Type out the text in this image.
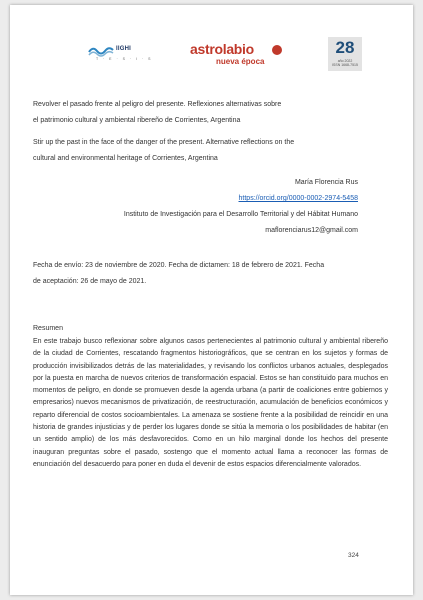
IIGHI
T · E · S · I · S
astrolabio
nueva época
28
año 2022
ISSN 1668-7515
Revolver el pasado frente al peligro del presente. Reflexiones alternativas sobre
el patrimonio cultural y ambiental ribereño de Corrientes, Argentina
Stir up the past in the face of the danger of the present. Alternative reflections on the
cultural and environmental heritage of Corrientes, Argentina
María Florencia Rus
https://orcid.org/0000-0002-2974-5458
Instituto de Investigación para el Desarrollo Territorial y del Hábitat Humano
maflorenciarus12@gmail.com
Fecha de envío: 23 de noviembre de 2020. Fecha de dictamen: 18 de febrero de 2021. Fecha
de aceptación: 26 de mayo de 2021.
Resumen
En este trabajo busco reflexionar sobre algunos casos pertenecientes al patrimonio cultural y ambiental ribereño de la ciudad de Corrientes, rescatando fragmentos historiográficos, que se centran en los sujetos y formas de producción invisibilizados detrás de las materialidades, y revisando los conflictos urbanos actuales, desplegados por la puesta en marcha de nuevos criterios de transformación espacial. Estos se han constituido para muchos en momentos de peligro, en donde se promueven desde la agenda urbana (a partir de coaliciones entre gobiernos y empresarios) nuevos mecanismos de privatización, de reestructuración, acumulación de beneficios económicos y reparto diferencial de costos socioambientales. La amenaza se sostiene frente a la posibilidad de reincidir en una historia de grandes injusticias y de perder los lugares donde se sitúa la memoria o los posibilidades de habitar (en un sentido amplio) de los más desfavorecidos. Como en un hilo marginal donde los hechos del presente inauguran preguntas sobre el pasado, sostengo que el momento actual llama a reconocer las formas de enunciación del desacuerdo para poner en duda el devenir de estos espacios diferencialmente valorados.
324
